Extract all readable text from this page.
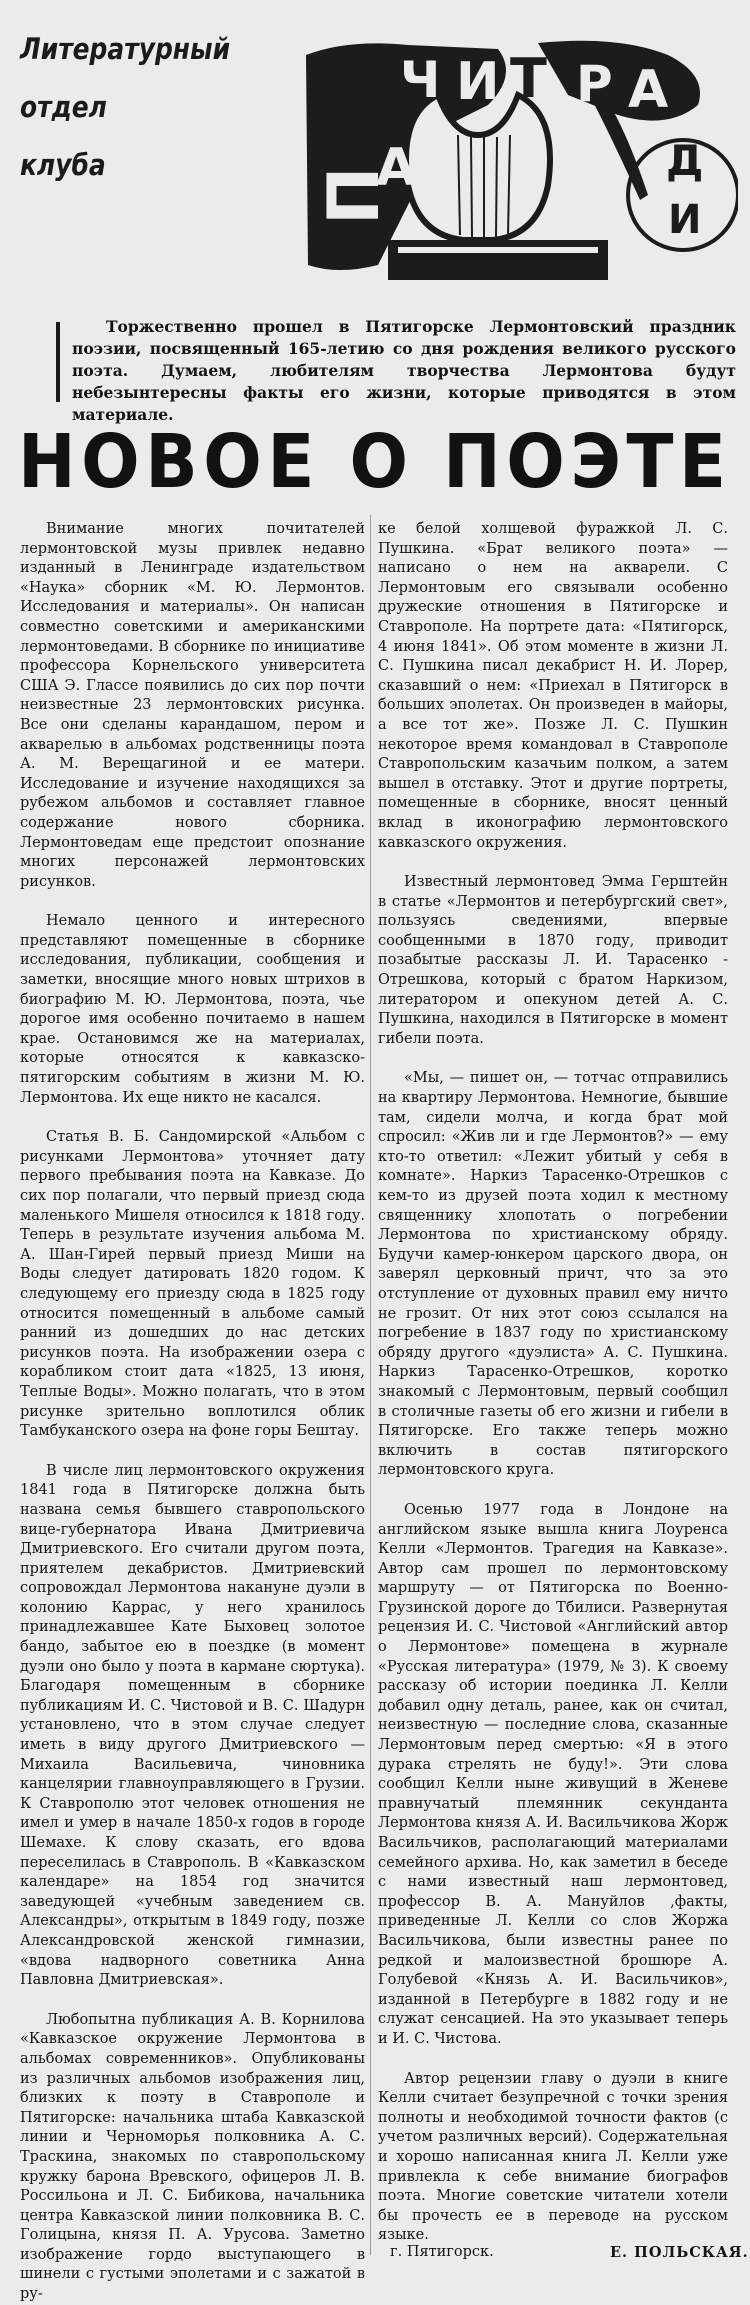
Литературный
отдел
клуба
П
А
Ч И Т Р А
Д
И
Торжественно прошел в Пятигорске Лермонтовский праздник поэзии, посвященный 165-летию со дня рождения великого русского поэта. Думаем, любителям творчества Лермонтова будут небезынтересны факты его жизни, которые приводятся в этом материале.
НОВОЕ О ПОЭТЕ

Внимание многих почитателей лермонтовской музы привлек недавно изданный в Ленинграде издательством «Наука» сборник «М. Ю. Лермонтов. Исследования и материалы». Он написан совместно советскими и американскими лермонтоведами. В сборнике по инициативе профессора Корнельского университета США Э. Глассе появились до сих пор почти неизвестные 23 лермонтовских рисунка. Все они сделаны карандашом, пером и акварелью в альбомах родственницы поэта А. М. Верещагиной и ее матери. Исследование и изучение находящихся за рубежом альбомов и составляет главное содержание нового сборника. Лермонтоведам еще предстоит опознание многих персонажей лермонтовских рисунков.

Немало ценного и интересного представляют помещенные в сборнике исследования, публикации, сообщения и заметки, вносящие много новых штрихов в биографию М. Ю. Лермонтова, поэта, чье дорогое имя особенно почитаемо в нашем крае. Остановимся же на материалах, которые относятся к кавказско-пятигорским событиям в жизни М. Ю. Лермонтова. Их еще никто не касался.

Статья В. Б. Сандомирской «Альбом с рисунками Лермонтова» уточняет дату первого пребывания поэта на Кавказе. До сих пор полагали, что первый приезд сюда маленького Мишеля относился к 1818 году. Теперь в результате изучения альбома М. А. Шан-Гирей первый приезд Миши на Воды следует датировать 1820 годом. К следующему его приезду сюда в 1825 году относится помещенный в альбоме самый ранний из дошедших до нас детских рисунков поэта. На изображении озера с корабликом стоит дата «1825, 13 июня, Теплые Воды». Можно полагать, что в этом рисунке зрительно воплотился облик Тамбуканского озера на фоне горы Бештау.

В числе лиц лермонтовского окружения 1841 года в Пятигорске должна быть названа семья бывшего ставропольского вице-губернатора Ивана Дмитриевича Дмитриевского. Его считали другом поэта, приятелем декабристов. Дмитриевский сопровождал Лермонтова накануне дуэли в колонию Каррас, у него хранилось принадлежавшее Кате Быховец золотое бандо, забытое ею в поездке (в момент дуэли оно было у поэта в кармане сюртука). Благодаря помещенным в сборнике публикациям И. С. Чистовой и В. С. Шадурн установлено, что в этом случае следует иметь в виду другого Дмитриевского — Михаила Васильевича, чиновника канцелярии главноуправляющего в Грузии. К Ставрополю этот человек отношения не имел и умер в начале 1850-х годов в городе Шемахе. К слову сказать, его вдова переселилась в Ставрополь. В «Кавказском календаре» на 1854 год значится заведующей «учебным заведением св. Александры», открытым в 1849 году, позже Александровской женской гимназии, «вдова надворного советника Анна Павловна Дмитриевская».

Любопытна публикация А. В. Корнилова «Кавказское окружение Лермонтова в альбомах современников». Опубликованы из различных альбомов изображения лиц, близких к поэту в Ставрополе и Пятигорске: начальника штаба Кавказской линии и Черноморья полковника А. С. Траскина, знакомых по ставропольскому кружку барона Вревского, офицеров Л. В. Россильона и Л. С. Бибикова, начальника центра Кавказской линии полковника В. С. Голицына, князя П. А. Урусова. Заметно изображение гордо выступающего в шинели с густыми эполетами и с зажатой в ру-

ке белой холщевой фуражкой Л. С. Пушкина. «Брат великого поэта» — написано о нем на акварели. С Лермонтовым его связывали особенно дружеские отношения в Пятигорске и Ставрополе. На портрете дата: «Пятигорск, 4 июня 1841». Об этом моменте в жизни Л. С. Пушкина писал декабрист Н. И. Лорер, сказавший о нем: «Приехал в Пятигорск в больших эполетах. Он произведен в майоры, а все тот же». Позже Л. С. Пушкин некоторое время командовал в Ставрополе Ставропольским казачьим полком, а затем вышел в отставку. Этот и другие портреты, помещенные в сборнике, вносят ценный вклад в иконографию лермонтовского кавказского окружения.

Известный лермонтовед Эмма Герштейн в статье «Лермонтов и петербургский свет», пользуясь сведениями, впервые сообщенными в 1870 году, приводит позабытые рассказы Л. И. Тарасенко - Отрешкова, который с братом Наркизом, литератором и опекуном детей А. С. Пушкина, находился в Пятигорске в момент гибели поэта.

«Мы, — пишет он, — тотчас отправились на квартиру Лермонтова. Немногие, бывшие там, сидели молча, и когда брат мой спросил: «Жив ли и где Лермонтов?» — ему кто-то ответил: «Лежит убитый у себя в комнате». Наркиз Тарасенко-Отрешков с кем-то из друзей поэта ходил к местному священнику хлопотать о погребении Лермонтова по христианскому обряду. Будучи камер-юнкером царского двора, он заверял церковный причт, что за это отступление от духовных правил ему ничто не грозит. От них этот союз ссылался на погребение в 1837 году по христианскому обряду другого «дуэлиста» А. С. Пушкина. Наркиз Тарасенко-Отрешков, коротко знакомый с Лермонтовым, первый сообщил в столичные газеты об его жизни и гибели в Пятигорске. Его также теперь можно включить в состав пятигорского лермонтовского круга.

Осенью 1977 года в Лондоне на английском языке вышла книга Лоуренса Келли «Лермонтов. Трагедия на Кавказе». Автор сам прошел по лермонтовскому маршруту — от Пятигорска по Военно-Грузинской дороге до Тбилиси. Развернутая рецензия И. С. Чистовой «Английский автор о Лермонтове» помещена в журнале «Русская литература» (1979, № 3). К своему рассказу об истории поединка Л. Келли добавил одну деталь, ранее, как он считал, неизвестную — последние слова, сказанные Лермонтовым перед смертью: «Я в этого дурака стрелять не буду!». Эти слова сообщил Келли ныне живущий в Женеве правнучатый племянник секунданта Лермонтова князя А. И. Васильчикова Жорж Васильчиков, располагающий материалами семейного архива. Но, как заметил в беседе с нами известный наш лермонтовед, профессор В. А. Мануйлов ,факты, приведенные Л. Келли со слов Жоржа Васильчикова, были известны ранее по редкой и малоизвестной брошюре А. Голубевой «Князь А. И. Васильчиков», изданной в Петербурге в 1882 году и не служат сенсацией. На это указывает теперь и И. С. Чистова.

Автор рецензии главу о дуэли в книге Келли считает безупречной с точки зрения полноты и необходимой точности фактов (с учетом различных версий). Содержательная и хорошо написанная книга Л. Келли уже привлекла к себе внимание биографов поэта. Многие советские читатели хотели бы прочесть ее в переводе на русском языке.

г. Пятигорск.	Е. ПОЛЬСКАЯ.
